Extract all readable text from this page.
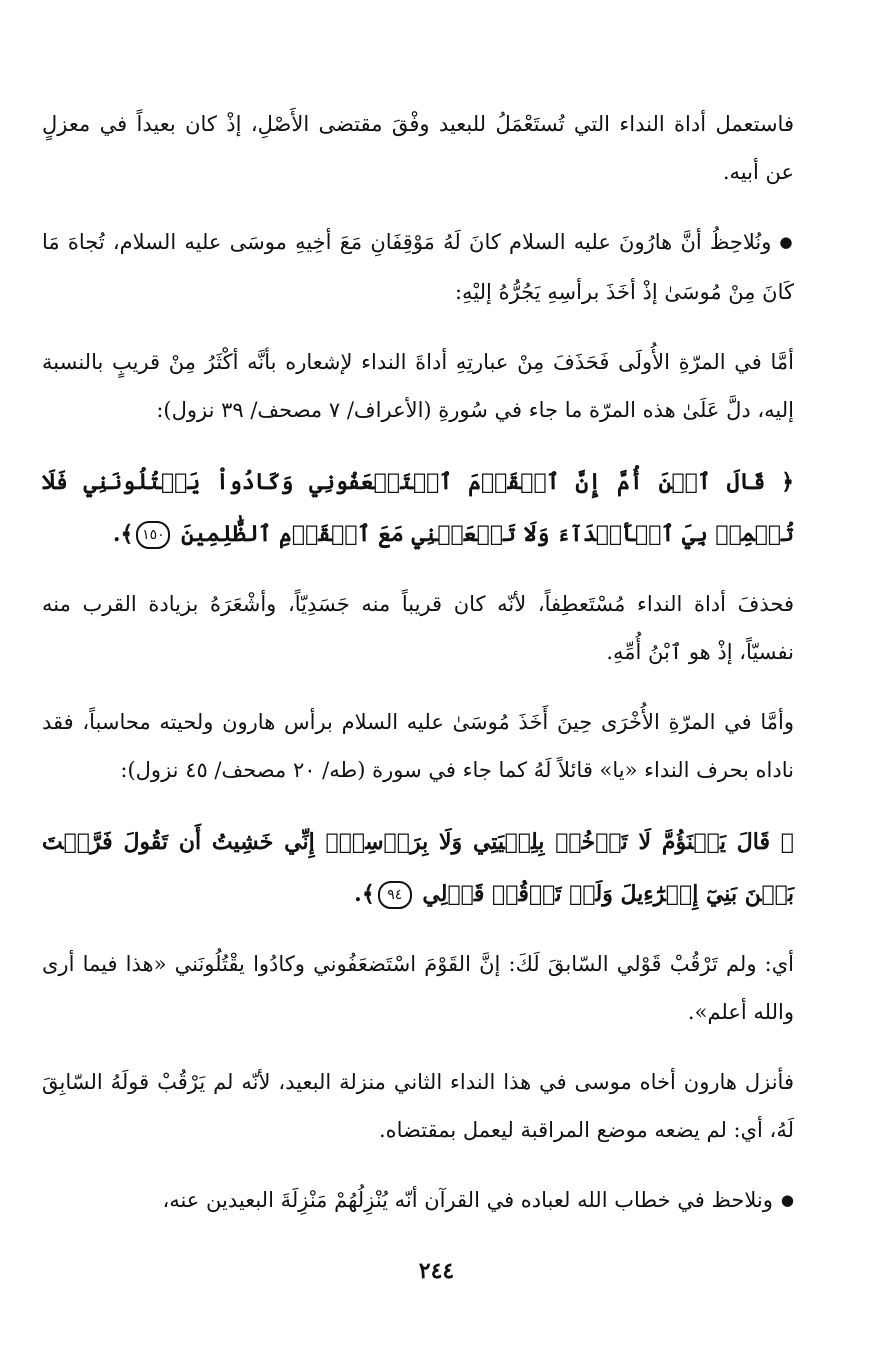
فاستعمل أداة النداء التي تُستَعْمَلُ للبعيد وفْقَ مقتضى الأَصْلِ، إذْ كان بعيداً في معزلٍ عن أبيه.

● ونُلاحِظُ أنَّ هارُونَ عليه السلام كانَ لَهُ مَوْقِفَانِ مَعَ أخِيهِ موسَى عليه السلام، تُجاهَ مَا كَانَ مِنْ مُوسَىٰ إذْ أخَذَ برأسِهِ يَجُرُّهُ إليْهِ:

أمَّا في المرّةِ الأُولَى فَحَذَفَ مِنْ عبارتِهِ أداةَ النداء لإشعاره بأنَّه أكْثَرُ مِنْ قريبٍ بالنسبة إليه، دلَّ عَلَىٰ هذه المرّة ما جاء في سُورةِ (الأعراف/ ٧ مصحف/ ٣٩ نزول):

﴿ قَالَ ٱبۡنَ أُمَّ إِنَّ ٱلۡقَوۡمَ ٱسۡتَضۡعَفُونِي وَكَادُواْ يَقۡتُلُونَنِي فَلَا تُشۡمِتۡ بِيَ ٱلۡأَعۡدَآءَ وَلَا تَجۡعَلۡنِي مَعَ ٱلۡقَوۡمِ ٱلظَّٰلِمِينَ ١٥٠﴾.

فحذفَ أداة النداء مُسْتَعطِفاً، لأنّه كان قريباً منه جَسَدِيّاً، وأشْعَرَهُ بزيادة القرب منه نفسيّاً، إذْ هو ٱبْنُ أُمِّهِ.

وأمَّا في المرّةِ الأُخْرَى حِينَ أَخَذَ مُوسَىٰ عليه السلام برأس هارون ولحيته محاسباً، فقد ناداه بحرف النداء «يا» قائلاً لَهُ كما جاء في سورة (طه/ ٢٠ مصحف/ ٤٥ نزول):

﴿ قَالَ يَبۡنَؤُمَّ لَا تَأۡخُذۡ بِلِحۡيَتِي وَلَا بِرَأۡسِيٓۖ إِنِّي خَشِيتُ أَن تَقُولَ فَرَّقۡتَ بَيۡنَ بَنِيٓ إِسۡرَٰٓءِيلَ وَلَمۡ تَرۡقُبۡ قَوۡلِي ٩٤﴾.

أي: ولم تَرْقُبْ قَوْلي السّابقَ لَكَ: إنَّ القَوْمَ اسْتَضعَفُوني وكادُوا يقْتُلُونَني «هذا فيما أرى والله أعلم».

فأنزل هارون أخاه موسى في هذا النداء الثاني منزلة البعيد، لأنّه لم يَرْقُبْ قولَهُ السّابِقَ لَهُ، أي: لم يضعه موضع المراقبة ليعمل بمقتضاه.

● ونلاحظ في خطاب الله لعباده في القرآن أنّه يُنْزِلُهُمْ مَنْزِلَةَ البعيدين عنه،

٢٤٤
